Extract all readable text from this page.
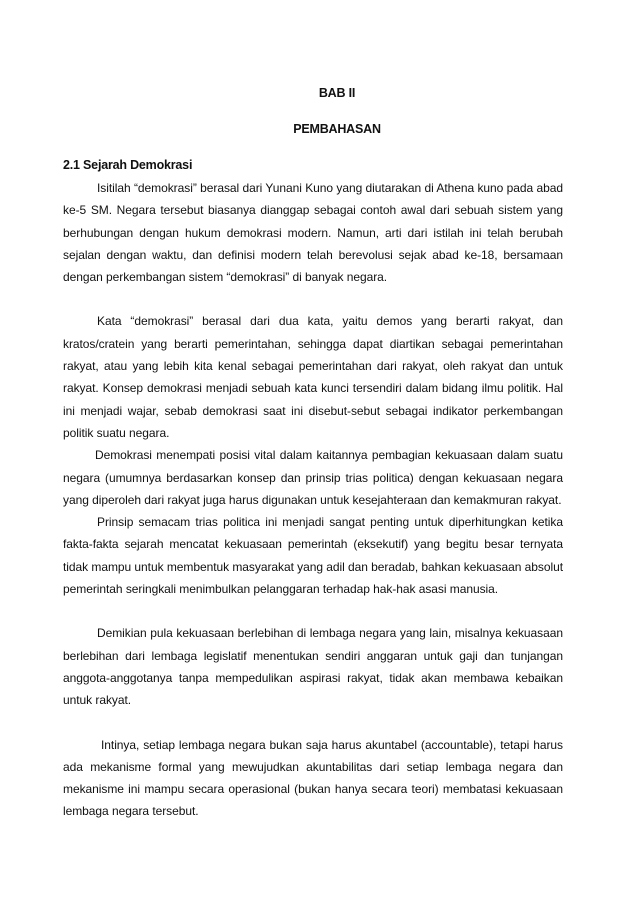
BAB II
PEMBAHASAN
2.1 Sejarah Demokrasi

Isitilah “demokrasi” berasal dari Yunani Kuno yang diutarakan di Athena kuno pada abad ke-5 SM. Negara tersebut biasanya dianggap sebagai contoh awal dari sebuah sistem yang berhubungan dengan hukum demokrasi modern. Namun, arti dari istilah ini telah berubah sejalan dengan waktu, dan definisi modern telah berevolusi sejak abad ke-18, bersamaan dengan perkembangan sistem “demokrasi” di banyak negara.

Kata “demokrasi” berasal dari dua kata, yaitu demos yang berarti rakyat, dan kratos/cratein yang berarti pemerintahan, sehingga dapat diartikan sebagai pemerintahan rakyat, atau yang lebih kita kenal sebagai pemerintahan dari rakyat, oleh rakyat dan untuk rakyat. Konsep demokrasi menjadi sebuah kata kunci tersendiri dalam bidang ilmu politik. Hal ini menjadi wajar, sebab demokrasi saat ini disebut-sebut sebagai indikator perkembangan politik suatu negara.

Demokrasi menempati posisi vital dalam kaitannya pembagian kekuasaan dalam suatu negara (umumnya berdasarkan konsep dan prinsip trias politica) dengan kekuasaan negara yang diperoleh dari rakyat juga harus digunakan untuk kesejahteraan dan kemakmuran rakyat.

Prinsip semacam trias politica ini menjadi sangat penting untuk diperhitungkan ketika fakta-fakta sejarah mencatat kekuasaan pemerintah (eksekutif) yang begitu besar ternyata tidak mampu untuk membentuk masyarakat yang adil dan beradab, bahkan kekuasaan absolut pemerintah seringkali menimbulkan pelanggaran terhadap hak-hak asasi manusia.

Demikian pula kekuasaan berlebihan di lembaga negara yang lain, misalnya kekuasaan berlebihan dari lembaga legislatif menentukan sendiri anggaran untuk gaji dan tunjangan anggota-anggotanya tanpa mempedulikan aspirasi rakyat, tidak akan membawa kebaikan untuk rakyat.

Intinya, setiap lembaga negara bukan saja harus akuntabel (accountable), tetapi harus ada mekanisme formal yang mewujudkan akuntabilitas dari setiap lembaga negara dan mekanisme ini mampu secara operasional (bukan hanya secara teori) membatasi kekuasaan lembaga negara tersebut.
